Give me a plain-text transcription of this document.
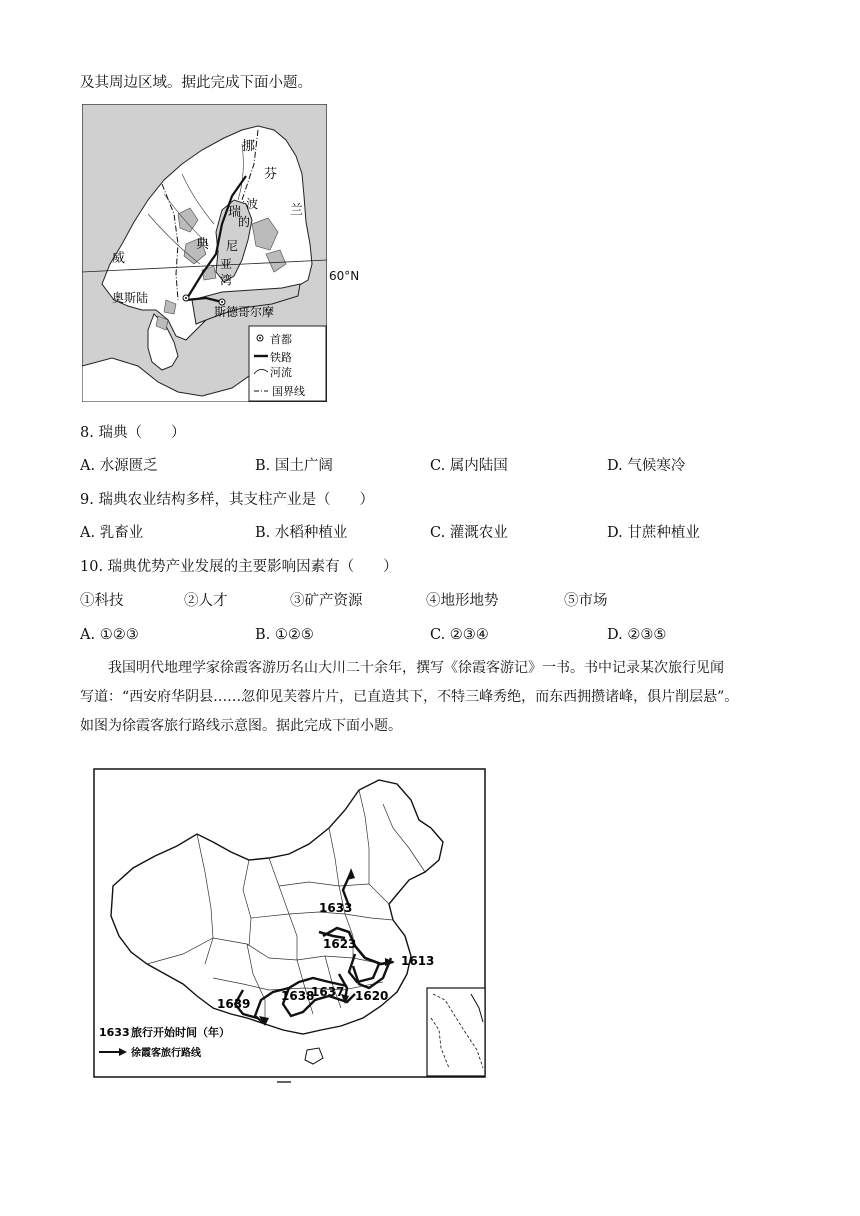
及其周边区域。据此完成下面小题。
挪
芬
兰
瑞
典
波
的
尼
亚
湾
威
奥斯陆
斯德哥尔摩
首都
铁路
河流
国界线
60°N
8. 瑞典（　　）
A. 水源匮乏	B. 国土广阔	C. 属内陆国	D. 气候寒冷
9. 瑞典农业结构多样，其支柱产业是（　　）
A. 乳畜业	B. 水稻种植业	C. 灌溉农业	D. 甘蔗种植业
10. 瑞典优势产业发展的主要影响因素有（　　）
①科技	②人才	③矿产资源	④地形地势	⑤市场
A. ①②③	B. ①②⑤	C. ②③④	D. ②③⑤
我国明代地理学家徐霞客游历名山大川二十余年，撰写《徐霞客游记》一书。书中记录某次旅行见闻
写道：“西安府华阴县……忽仰见芙蓉片片，已直造其下，不特三峰秀绝，而东西拥攒诸峰，俱片削层悬”。
如图为徐霞客旅行路线示意图。据此完成下面小题。
1633
1623
1613
1620
1637
1638
1639
1633 旅行开始时间（年）
徐霞客旅行路线
